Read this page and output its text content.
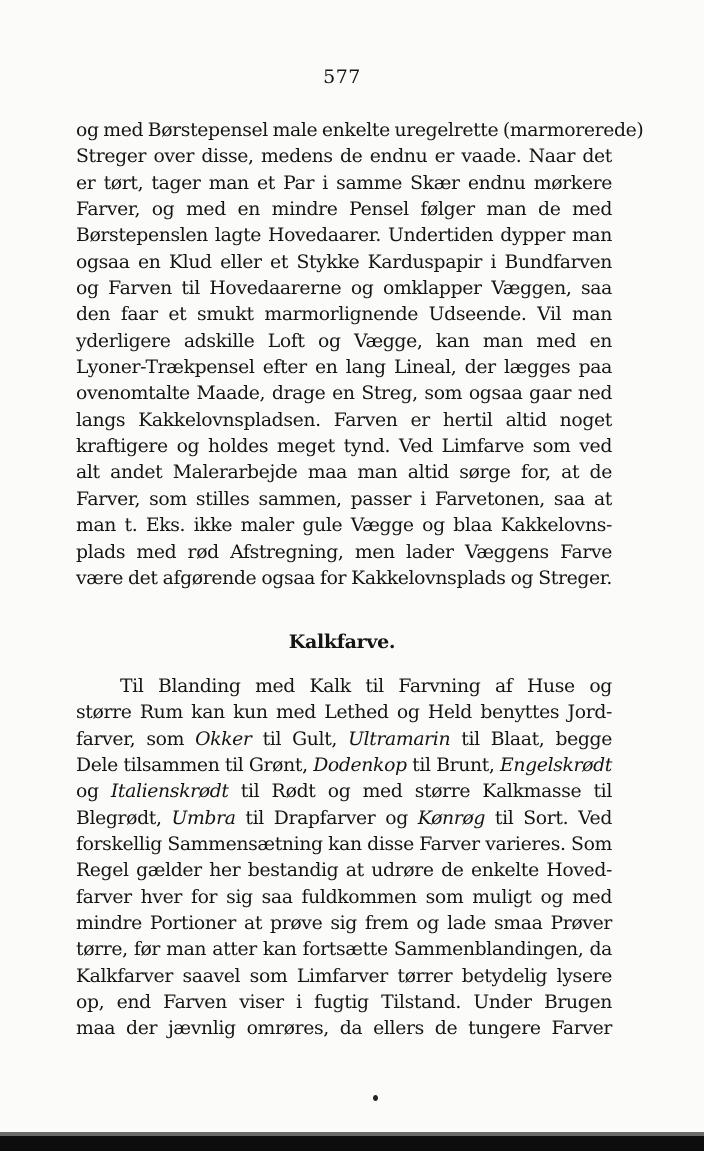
577
og med Børstepensel male enkelte uregelrette (marmorerede)
Streger over disse, medens de endnu er vaade. Naar det
er tørt, tager man et Par i samme Skær endnu mørkere
Farver, og med en mindre Pensel følger man de med
Børstepenslen lagte Hovedaarer. Undertiden dypper man
ogsaa en Klud eller et Stykke Karduspapir i Bundfarven
og Farven til Hovedaarerne og omklapper Væggen, saa
den faar et smukt marmorlignende Udseende. Vil man
yderligere adskille Loft og Vægge, kan man med en
Lyoner-Trækpensel efter en lang Lineal, der lægges paa
ovenomtalte Maade, drage en Streg, som ogsaa gaar ned
langs Kakkelovnspladsen. Farven er hertil altid noget
kraftigere og holdes meget tynd. Ved Limfarve som ved
alt andet Malerarbejde maa man altid sørge for, at de
Farver, som stilles sammen, passer i Farvetonen, saa at
man t. Eks. ikke maler gule Vægge og blaa Kakkelovns-
plads med rød Afstregning, men lader Væggens Farve
være det afgørende ogsaa for Kakkelovnsplads og Streger.
Kalkfarve.
Til Blanding med Kalk til Farvning af Huse og
større Rum kan kun med Lethed og Held benyttes Jord-
farver, som Okker til Gult, Ultramarin til Blaat, begge
Dele tilsammen til Grønt, Dodenkop til Brunt, Engelskrødt
og Italienskrødt til Rødt og med større Kalkmasse til
Blegrødt, Umbra til Drapfarver og Kønrøg til Sort. Ved
forskellig Sammensætning kan disse Farver varieres. Som
Regel gælder her bestandig at udrøre de enkelte Hoved-
farver hver for sig saa fuldkommen som muligt og med
mindre Portioner at prøve sig frem og lade smaa Prøver
tørre, før man atter kan fortsætte Sammenblandingen, da
Kalkfarver saavel som Limfarver tørrer betydelig lysere
op, end Farven viser i fugtig Tilstand. Under Brugen
maa der jævnlig omrøres, da ellers de tungere Farver
